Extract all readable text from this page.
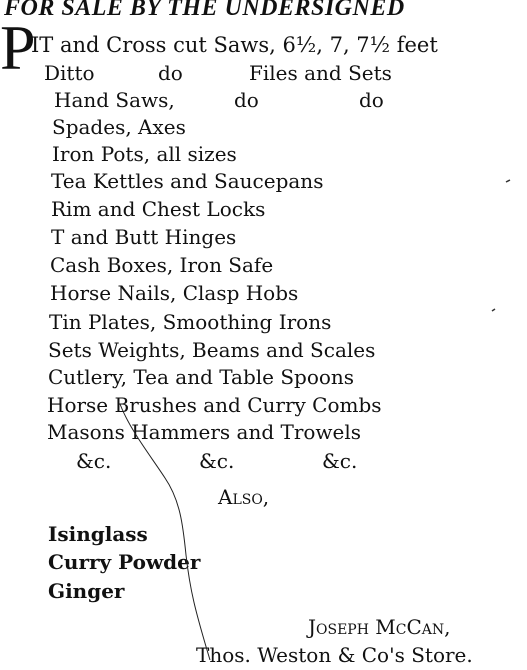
FOR SALE BY THE UNDERSIGNED
P
IT and Cross cut Saws, 6½, 7, 7½ feet
Ditto	do	Files and Sets
Hand Saws,	do	do
Spades, Axes
Iron Pots, all sizes
Tea Kettles and Saucepans
Rim and Chest Locks
T and Butt Hinges
Cash Boxes, Iron Safe
Horse Nails, Clasp Hobs
Tin Plates, Smoothing Irons
Sets Weights, Beams and Scales
Cutlery, Tea and Table Spoons
Horse Brushes and Curry Combs
Masons Hammers and Trowels
&c.	&c.	&c.
Also,
Isinglass
Curry Powder
Ginger
Joseph McCan,
Thos. Weston & Co's Store.
